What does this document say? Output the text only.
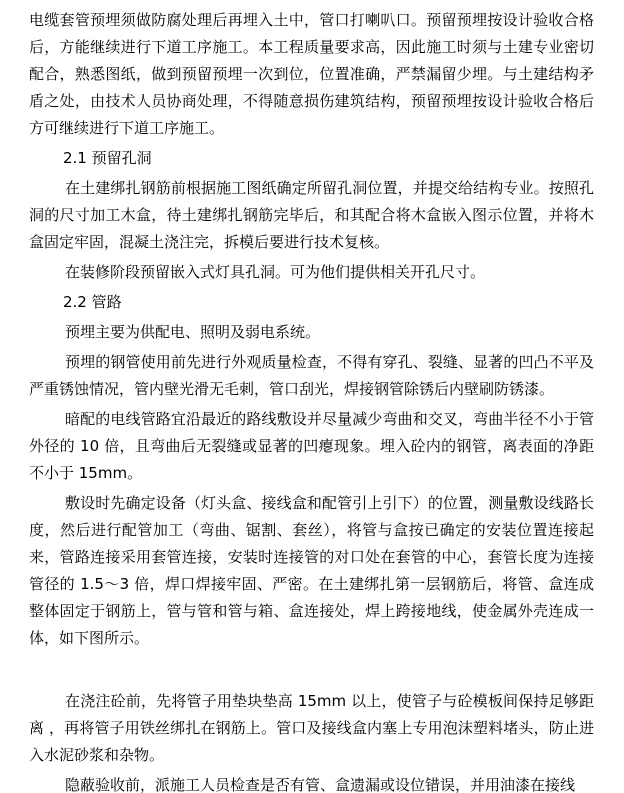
电缆套管预埋须做防腐处理后再埋入土中，管口打喇叭口。预留预埋按设计验收合格后，方能继续进行下道工序施工。本工程质量要求高，因此施工时须与土建专业密切配合，熟悉图纸，做到预留预埋一次到位，位置准确，严禁漏留少埋。与土建结构矛盾之处，由技术人员协商处理，不得随意损伤建筑结构，预留预埋按设计验收合格后方可继续进行下道工序施工。

2.1 预留孔洞

在土建绑扎钢筋前根据施工图纸确定所留孔洞位置，并提交给结构专业。按照孔洞的尺寸加工木盒，待土建绑扎钢筋完毕后，和其配合将木盒嵌入图示位置，并将木盒固定牢固，混凝土浇注完，拆模后要进行技术复核。

在装修阶段预留嵌入式灯具孔洞。可为他们提供相关开孔尺寸。

2.2 管路

预埋主要为供配电、照明及弱电系统。

预埋的钢管使用前先进行外观质量检查，不得有穿孔、裂缝、显著的凹凸不平及严重锈蚀情况，管内壁光滑无毛刺，管口刮光，焊接钢管除锈后内壁刷防锈漆。

暗配的电线管路宜沿最近的路线敷设并尽量减少弯曲和交叉，弯曲半径不小于管外径的 10 倍，且弯曲后无裂缝或显著的凹瘪现象。埋入砼内的钢管，离表面的净距不小于 15mm。

敷设时先确定设备（灯头盒、接线盒和配管引上引下）的位置，测量敷设线路长度，然后进行配管加工（弯曲、锯割、套丝），将管与盒按已确定的安装位置连接起来，管路连接采用套管连接，安装时连接管的对口处在套管的中心，套管长度为连接管径的 1.5～3 倍，焊口焊接牢固、严密。在土建绑扎第一层钢筋后，将管、盒连成整体固定于钢筋上，管与管和管与箱、盒连接处，焊上跨接地线，使金属外壳连成一体，如下图所示。

在浇注砼前，先将管子用垫块垫高 15mm 以上，使管子与砼模板间保持足够距离 ，再将管子用铁丝绑扎在钢筋上。管口及接线盒内塞上专用泡沫塑料堵头，防止进入水泥砂浆和杂物。

隐蔽验收前，派施工人员检查是否有管、盒遗漏或设位错误，并用油漆在接线
